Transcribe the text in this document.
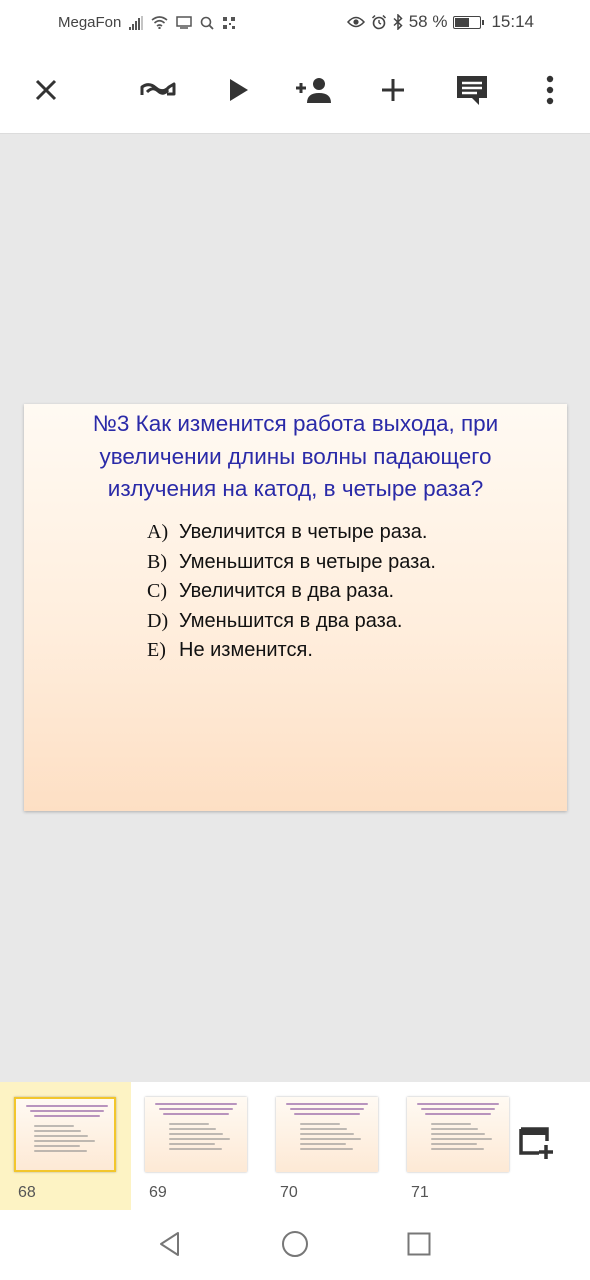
MegaFon	58 %	15:14
№3 Как изменится работа выхода, при увеличении длины волны падающего излучения на катод, в четыре раза?
A) Увеличится в четыре раза.
B) Уменьшится в четыре раза.
C) Увеличится в два раза.
D) Уменьшится в два раза.
E) Не изменится.
68	69	70	71
